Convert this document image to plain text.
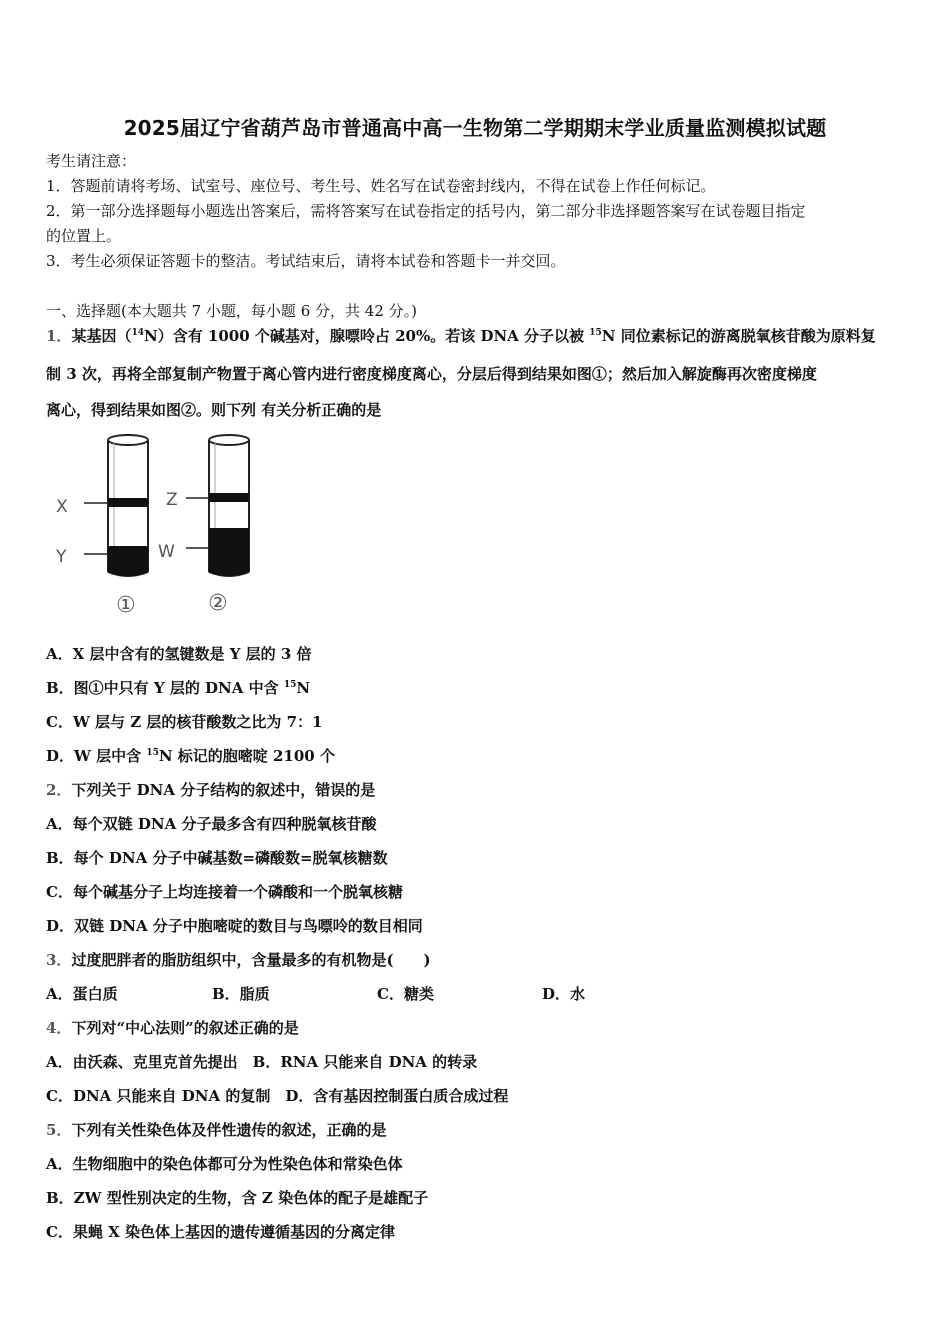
2025届辽宁省葫芦岛市普通高中高一生物第二学期期末学业质量监测模拟试题
考生请注意：
1．答题前请将考场、试室号、座位号、考生号、姓名写在试卷密封线内，不得在试卷上作任何标记。
2．第一部分选择题每小题选出答案后，需将答案写在试卷指定的括号内，第二部分非选择题答案写在试卷题目指定
的位置上。
3．考生必须保证答题卡的整洁。考试结束后，请将本试卷和答题卡一并交回。
一、选择题(本大题共 7 小题，每小题 6 分，共 42 分。)
1．某基因（$^{14}$N）含有 1000 个碱基对，腺嘌呤占 20%。若该 DNA 分子以被 $^{15}$N 同位素标记的游离脱氧核苷酸为原料复
制 3 次，再将全部复制产物置于离心管内进行密度梯度离心，分层后得到结果如图①；然后加入解旋酶再次密度梯度
离心，得到结果如图②。则下列 有关分析正确的是
X
Y
Z
W
①	②
A．X 层中含有的氢键数是 Y 层的 3 倍
B．图①中只有 Y 层的 DNA 中含 $^{15}$N
C．W 层与 Z 层的核苷酸数之比为 7：1
D．W 层中含 $^{15}$N 标记的胞嘧啶 2100 个
2．下列关于 DNA 分子结构的叙述中，错误的是
A．每个双链 DNA 分子最多含有四种脱氧核苷酸
B．每个 DNA 分子中碱基数=磷酸数=脱氧核糖数
C．每个碱基分子上均连接着一个磷酸和一个脱氧核糖
D．双链 DNA 分子中胞嘧啶的数目与鸟嘌呤的数目相同
3．过度肥胖者的脂肪组织中，含量最多的有机物是(　　)
A．蛋白质	B．脂质	C．糖类	D．水
4．下列对“中心法则”的叙述正确的是
A．由沃森、克里克首先提出　B．RNA 只能来自 DNA 的转录
C．DNA 只能来自 DNA 的复制　D．含有基因控制蛋白质合成过程
5．下列有关性染色体及伴性遗传的叙述，正确的是
A．生物细胞中的染色体都可分为性染色体和常染色体
B．ZW 型性别决定的生物，含 Z 染色体的配子是雄配子
C．果蝇 X 染色体上基因的遗传遵循基因的分离定律
